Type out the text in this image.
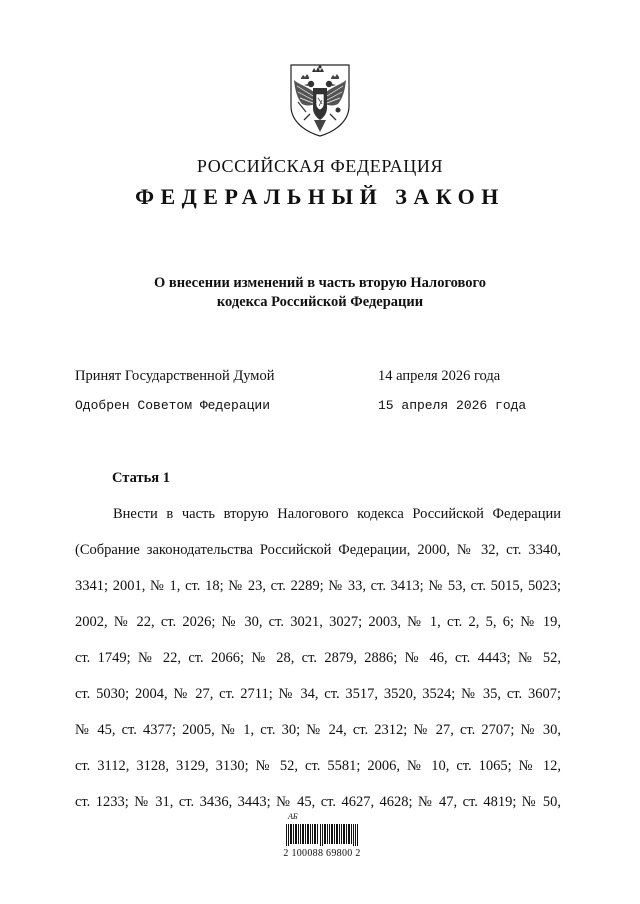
РОССИЙСКАЯ ФЕДЕРАЦИЯ
ФЕДЕРАЛЬНЫЙ ЗАКОН
О внесении изменений в часть вторую Налогового
кодекса Российской Федерации
Принят Государственной Думой	14 апреля 2026 года
Одобрен Советом Федерации	15 апреля 2026 года
Статья 1
Внести в часть вторую Налогового кодекса Российской Федерации
(Собрание законодательства Российской Федерации, 2000, № 32, ст. 3340,
3341; 2001, № 1, ст. 18; № 23, ст. 2289; № 33, ст. 3413; № 53, ст. 5015, 5023;
2002, № 22, ст. 2026; № 30, ст. 3021, 3027; 2003, № 1, ст. 2, 5, 6; № 19,
ст. 1749; № 22, ст. 2066; № 28, ст. 2879, 2886; № 46, ст. 4443; № 52,
ст. 5030; 2004, № 27, ст. 2711; № 34, ст. 3517, 3520, 3524; № 35, ст. 3607;
№ 45, ст. 4377; 2005, № 1, ст. 30; № 24, ст. 2312; № 27, ст. 2707; № 30,
ст. 3112, 3128, 3129, 3130; № 52, ст. 5581; 2006, № 10, ст. 1065; № 12,
ст. 1233; № 31, ст. 3436, 3443; № 45, ст. 4627, 4628; № 47, ст. 4819; № 50,
АБ
2 100088 69800 2
